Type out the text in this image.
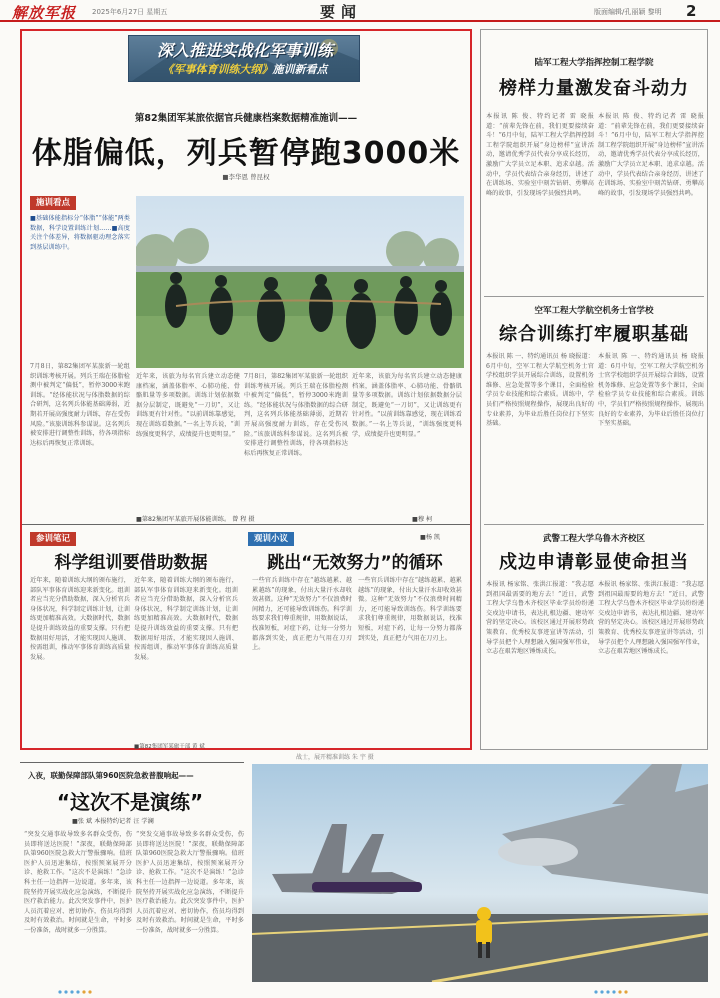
解放军报 2025年6月27日 星期五	要闻	版面编辑/孔丽颖 黎明 2
深入推进实战化军事训练
《军事体育训练大纲》施训新看点
第82集团军某旅依据官兵健康档案数据精准施训——
体脂偏低，列兵暂停跑3000米
■李华恩 曾昆权
施训看点
■基础体能指标分“体脂”“体能”两类数据，科学设置训练计划……■高度关注个体差异，将数据驱动理念落实到基层训练中。
7月8日，第82集团军某旅新一轮组织训练考核开展。列兵王瑞在体脂检测中被判定“偏低”，暂停3000米跑训练。“经体能状况与体脂数据的综合研判，这名列兵体能基础薄弱，近期若开展高强度耐力训练，存在受伤风险。”该旅训练科参谋说。这名列兵被安排进行调整性训练，待各项指标达标后再恢复正常训练。
近年来，该旅为每名官兵建立动态健康档案，涵盖体脂率、心肺功能、骨骼肌量等多项数据。训练计划依据数据分层制定，既避免“一刀切”，又让训练更有针对性。“以前训练靠感觉，现在训练看数据。”一名上等兵说，“训练强度更科学，成绩提升也更明显。”
7月8日，第82集团军某旅新一轮组织训练考核开展。列兵王瑞在体脂检测中被判定“偏低”，暂停3000米跑训练。“经体能状况与体脂数据的综合研判，这名列兵体能基础薄弱，近期若开展高强度耐力训练，存在受伤风险。”该旅训练科参谋说。这名列兵被安排进行调整性训练，待各项指标达标后再恢复正常训练。
近年来，该旅为每名官兵建立动态健康档案，涵盖体脂率、心肺功能、骨骼肌量等多项数据。训练计划依据数据分层制定，既避免“一刀切”，又让训练更有针对性。“以前训练靠感觉，现在训练看数据。”一名上等兵说，“训练强度更科学，成绩提升也更明显。”
■第82集团军某旅开展体能训练。 曾 程 摄	■穆 柯
参训笔记
科学组训要借助数据
近年来，随着训练大纲的颁布施行，部队军事体育训练迎来新变化。组训者应当充分借助数据，深入分析官兵身体状况，科学制定训练计划，让训练更加精准高效。大数据时代，数据是提升训练效益的重要支撑。只有把数据用好用活，才能实现因人施训、按需组训，推动军事体育训练高质量发展。
近年来，随着训练大纲的颁布施行，部队军事体育训练迎来新变化。组训者应当充分借助数据，深入分析官兵身体状况，科学制定训练计划，让训练更加精准高效。大数据时代，数据是提升训练效益的重要支撑。只有把数据用好用活，才能实现因人施训、按需组训，推动军事体育训练高质量发展。
■第82集团军某旅干部 黄 斌
观训小议
跳出“无效努力”的循环
一些官兵训练中存在“越练越累、越累越练”的现象，付出大量汗水却收效甚微。这种“无效努力”不仅浪费时间精力，还可能导致训练伤。科学训练要求我们尊重规律，用数据说话，找准短板，对症下药，让每一分努力都落到实处，真正把力气用在刀刃上。
一些官兵训练中存在“越练越累、越累越练”的现象，付出大量汗水却收效甚微。这种“无效努力”不仅浪费时间精力，还可能导致训练伤。科学训练要求我们尊重规律，用数据说话，找准短板，对症下药，让每一分努力都落到实处，真正把力气用在刀刃上。
■杨 凯
陆军工程大学指挥控制工程学院
榜样力量激发奋斗动力
本报讯 陈 俊、特约记者 雷 晓报道：“前辈先锋在前，我们更要接续奋斗！”6月中旬，陆军工程大学指挥控制工程学院组织开展“身边榜样”宣讲活动，邀请优秀学员代表分享成长经历，激励广大学员立足本职、追求卓越。活动中，学员代表结合亲身经历，讲述了在训练场、实验室中刻苦钻研、勇攀高峰的故事，引发现场学员强烈共鸣。
本报讯 陈 俊、特约记者 雷 晓报道：“前辈先锋在前，我们更要接续奋斗！”6月中旬，陆军工程大学指挥控制工程学院组织开展“身边榜样”宣讲活动，邀请优秀学员代表分享成长经历，激励广大学员立足本职、追求卓越。活动中，学员代表结合亲身经历，讲述了在训练场、实验室中刻苦钻研、勇攀高峰的故事，引发现场学员强烈共鸣。
空军工程大学航空机务士官学校
综合训练打牢履职基础
本报讯 陈 一、特约通讯员 杨 晓报道：6月中旬，空军工程大学航空机务士官学校组织学员开展综合训练，设置机务维修、应急处置等多个课目，全面检验学员专业技能和综合素质。训练中，学员们严格按照规程操作，展现出良好的专业素养，为毕业后胜任岗位打下坚实基础。
本报讯 陈 一、特约通讯员 杨 晓报道：6月中旬，空军工程大学航空机务士官学校组织学员开展综合训练，设置机务维修、应急处置等多个课目，全面检验学员专业技能和综合素质。训练中，学员们严格按照规程操作，展现出良好的专业素养，为毕业后胜任岗位打下坚实基础。
武警工程大学乌鲁木齐校区
戍边申请彰显使命担当
本报讯 杨家铭、张洪江报道：“我志愿到祖国最需要的地方去！”近日，武警工程大学乌鲁木齐校区毕业学员纷纷递交戍边申请书，表达扎根边疆、建功军营的坚定决心。该校区通过开展形势政策教育、优秀校友事迹宣讲等活动，引导学员把个人理想融入强国强军伟业，立志在艰苦地区锤炼成长。
本报讯 杨家铭、张洪江报道：“我志愿到祖国最需要的地方去！”近日，武警工程大学乌鲁木齐校区毕业学员纷纷递交戍边申请书，表达扎根边疆、建功军营的坚定决心。该校区通过开展形势政策教育、优秀校友事迹宣讲等活动，引导学员把个人理想融入强国强军伟业，立志在艰苦地区锤炼成长。
战士，展开精准训练 朱 宇 摄
入夜，联勤保障部队第960医院急救普腹响起——
“这次不是演练”
■张 斌 本报特约记者 汪 学澜
“突发交通事故导致多名群众受伤，伤员即将送达医院！”深夜，联勤保障部队第960医院急救大厅警报骤响。值班医护人员迅速集结，按照预案展开分诊、抢救工作。“这次不是演练！”急诊科主任一边指挥一边说道。多年来，该院坚持开展实战化应急演练，不断提升医疗救治能力。此次突发事件中，医护人员沉着应对、密切协作，伤员均得到及时有效救治。时间就是生命，平时多一份准备，战时就多一分胜算。
“突发交通事故导致多名群众受伤，伤员即将送达医院！”深夜，联勤保障部队第960医院急救大厅警报骤响。值班医护人员迅速集结，按照预案展开分诊、抢救工作。“这次不是演练！”急诊科主任一边指挥一边说道。多年来，该院坚持开展实战化应急演练，不断提升医疗救治能力。此次突发事件中，医护人员沉着应对、密切协作，伤员均得到及时有效救治。时间就是生命，平时多一份准备，战时就多一分胜算。
